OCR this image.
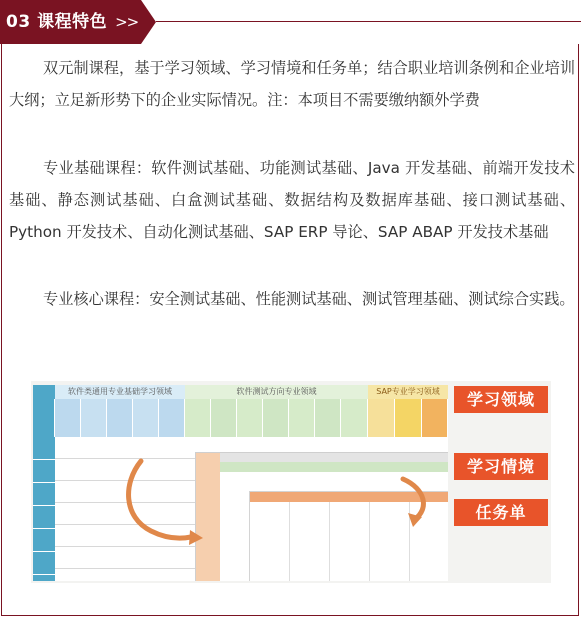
03 课程特色 >>

双元制课程，基于学习领域、学习情境和任务单；结合职业培训条例和企业培训大纲；立足新形势下的企业实际情况。注：本项目不需要缴纳额外学费

专业基础课程：软件测试基础、功能测试基础、Java 开发基础、前端开发技术基础、静态测试基础、白盒测试基础、数据结构及数据库基础、接口测试基础、Python 开发技术、自动化测试基础、SAP ERP 导论、SAP ABAP 开发技术基础

专业核心课程：安全测试基础、性能测试基础、测试管理基础、测试综合实践。

软件类通用专业基础学习领域	软件测试方向专业领域	SAP专业学习领域	学习领域
学习情境
任务单
